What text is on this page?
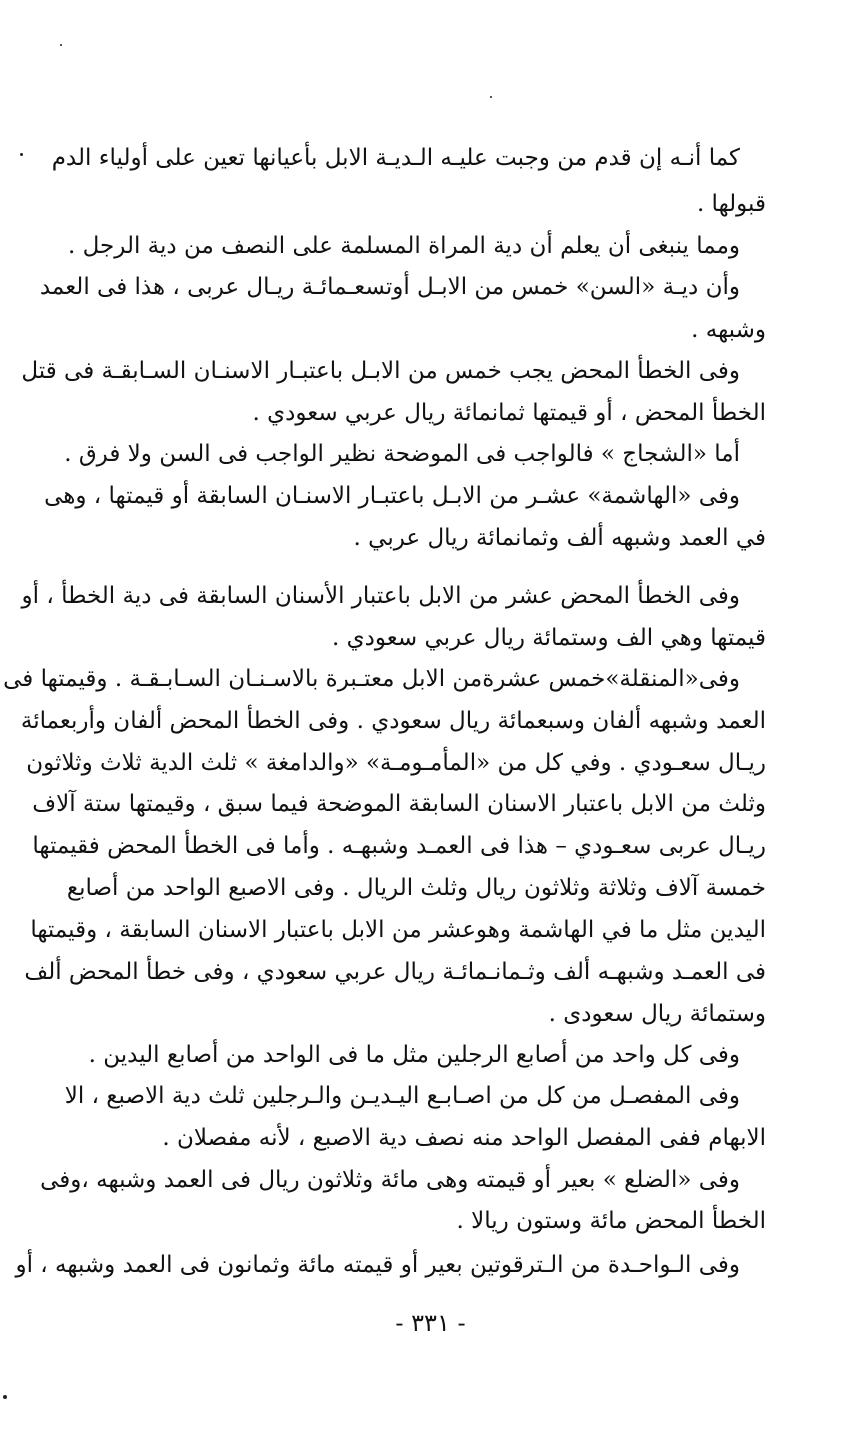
كما أنـه إن قدم من وجبت عليـه الـديـة الابل بأعيانها تعين على أولياء الدم
قبولها .
ومما ينبغى أن يعلم أن دية المراة المسلمة على النصف من دية الرجل .
وأن ديـة «السن» خمس من الابـل أوتسعـمائـة ريـال عربى ، هذا فى العمد
وشبهه .
وفى الخطأ المحض يجب خمس من الابـل باعتبـار الاسنـان السـابقـة فى قتل
الخطأ المحض ، أو قيمتها ثمانمائة ريال عربي سعودي .
أما «الشجاج » فالواجب فى الموضحة نظير الواجب فى السن ولا فرق .
وفى «الهاشمة» عشـر من الابـل باعتبـار الاسنـان السابقة أو قيمتها ، وهى
في العمد وشبهه ألف وثمانمائة ريال عربي .
وفى الخطأ المحض عشر من الابل باعتبار الأسنان السابقة فى دية الخطأ ، أو
قيمتها وهي الف وستمائة ريال عربي سعودي .
وفى«المنقلة»خمس عشرةمن الابل معتـبرة بالاسـنـان السـابـقـة . وقيمتها فى
العمد وشبهه ألفان وسبعمائة ريال سعودي . وفى الخطأ المحض ألفان وأربعمائة
ريـال سعـودي . وفي كل من «المأمـومـة» «والدامغة » ثلث الدية ثلاث وثلاثون
وثلث من الابل باعتبار الاسنان السابقة الموضحة فيما سبق ، وقيمتها ستة آلاف
ريـال عربى سعـودي – هذا فى العمـد وشبهـه . وأما فى الخطأ المحض فقيمتها
خمسة آلاف وثلاثة وثلاثون ريال وثلث الريال . وفى الاصبع الواحد من أصابع
اليدين مثل ما في الهاشمة وهوعشر من الابل باعتبار الاسنان السابقة ، وقيمتها
فى العمـد وشبهـه ألف وثـمانـمائـة ريال عربي سعودي ، وفى خطأ المحض ألف
وستمائة ريال سعودى .
وفى كل واحد من أصابع الرجلين مثل ما فى الواحد من أصابع اليدين .
وفى المفصـل من كل من اصـابـع اليـديـن والـرجلين ثلث دية الاصبع ، الا
الابهام ففى المفصل الواحد منه نصف دية الاصبع ، لأنه مفصلان .
وفى «الضلع » بعير أو قيمته وهى مائة وثلاثون ريال فى العمد وشبهه ،وفى
الخطأ المحض مائة وستون ريالا .
وفى الـواحـدة من الـترقوتين بعير أو قيمته مائة وثمانون فى العمد وشبهه ، أو
- ٣٣١ -
